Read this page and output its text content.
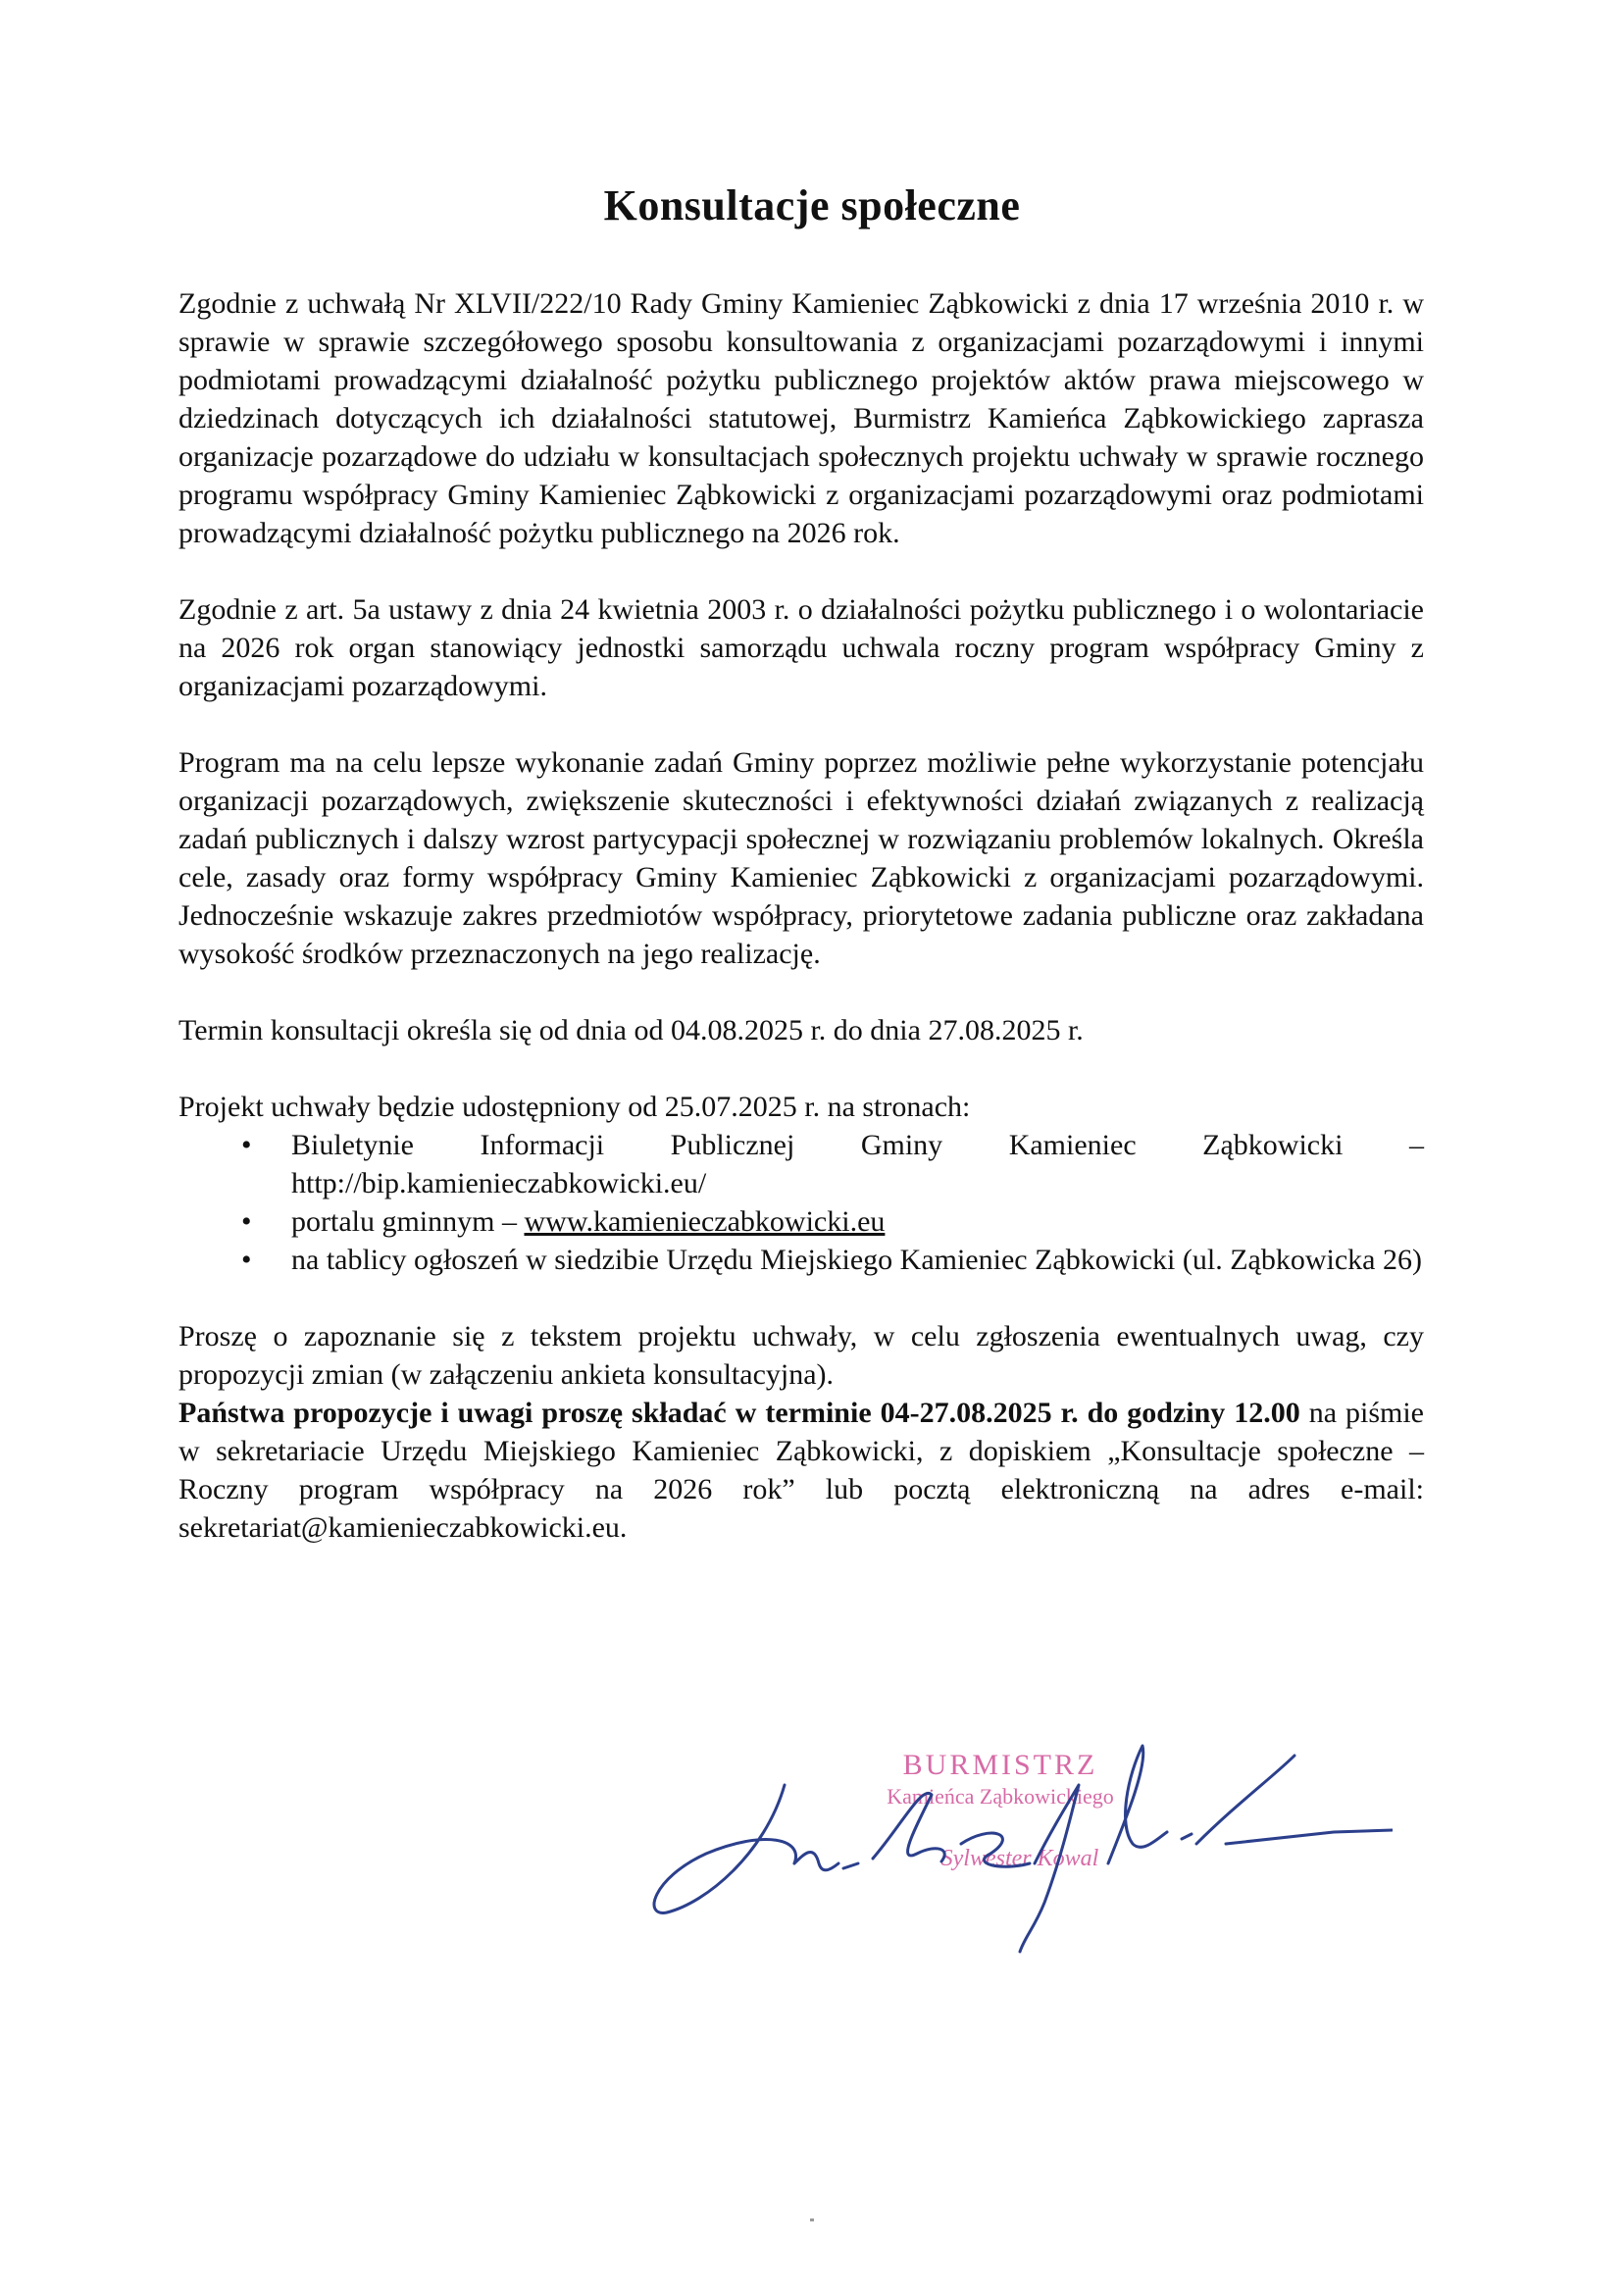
Konsultacje społeczne

Zgodnie z uchwałą Nr XLVII/222/10 Rady Gminy Kamieniec Ząbkowicki z dnia 17 września 2010 r. w sprawie w sprawie szczegółowego sposobu konsultowania z organizacjami pozarządowymi i innymi podmiotami prowadzącymi działalność pożytku publicznego projektów aktów prawa miejscowego w dziedzinach dotyczących ich działalności statutowej, Burmistrz Kamieńca Ząbkowickiego zaprasza organizacje pozarządowe do udziału w konsultacjach społecznych projektu uchwały w sprawie rocznego programu współpracy Gminy Kamieniec Ząbkowicki z organizacjami pozarządowymi oraz podmiotami prowadzącymi działalność pożytku publicznego na 2026 rok.

Zgodnie z art. 5a ustawy z dnia 24 kwietnia 2003 r. o działalności pożytku publicznego i o wolontariacie na 2026 rok organ stanowiący jednostki samorządu uchwala roczny program współpracy Gminy z organizacjami pozarządowymi.

Program ma na celu lepsze wykonanie zadań Gminy poprzez możliwie pełne wykorzystanie potencjału organizacji pozarządowych, zwiększenie skuteczności i efektywności działań związanych z realizacją zadań publicznych i dalszy wzrost partycypacji społecznej w rozwiązaniu problemów lokalnych. Określa cele, zasady oraz formy współpracy Gminy Kamieniec Ząbkowicki z organizacjami pozarządowymi. Jednocześnie wskazuje zakres przedmiotów współpracy, priorytetowe zadania publiczne oraz zakładana wysokość środków przeznaczonych na jego realizację.

Termin konsultacji określa się od dnia od 04.08.2025 r. do dnia 27.08.2025 r.

Projekt uchwały będzie udostępniony od 25.07.2025 r. na stronach:

• Biuletynie Informacji Publicznej Gminy Kamieniec Ząbkowicki – http://bip.kamienieczabkowicki.eu/
• portalu gminnym – www.kamienieczabkowicki.eu
• na tablicy ogłoszeń w siedzibie Urzędu Miejskiego Kamieniec Ząbkowicki (ul. Ząbkowicka 26)

Proszę o zapoznanie się z tekstem projektu uchwały, w celu zgłoszenia ewentualnych uwag, czy propozycji zmian (w załączeniu ankieta konsultacyjna).

Państwa propozycje i uwagi proszę składać w terminie 04-27.08.2025 r. do godziny 12.00 na piśmie w sekretariacie Urzędu Miejskiego Kamieniec Ząbkowicki, z dopiskiem „Konsultacje społeczne – Roczny program współpracy na 2026 rok” lub pocztą elektroniczną na adres e-mail: sekretariat@kamienieczabkowicki.eu.

BURMISTRZ
Kamieńca Ząbkowickiego
Sylwester Kowal
